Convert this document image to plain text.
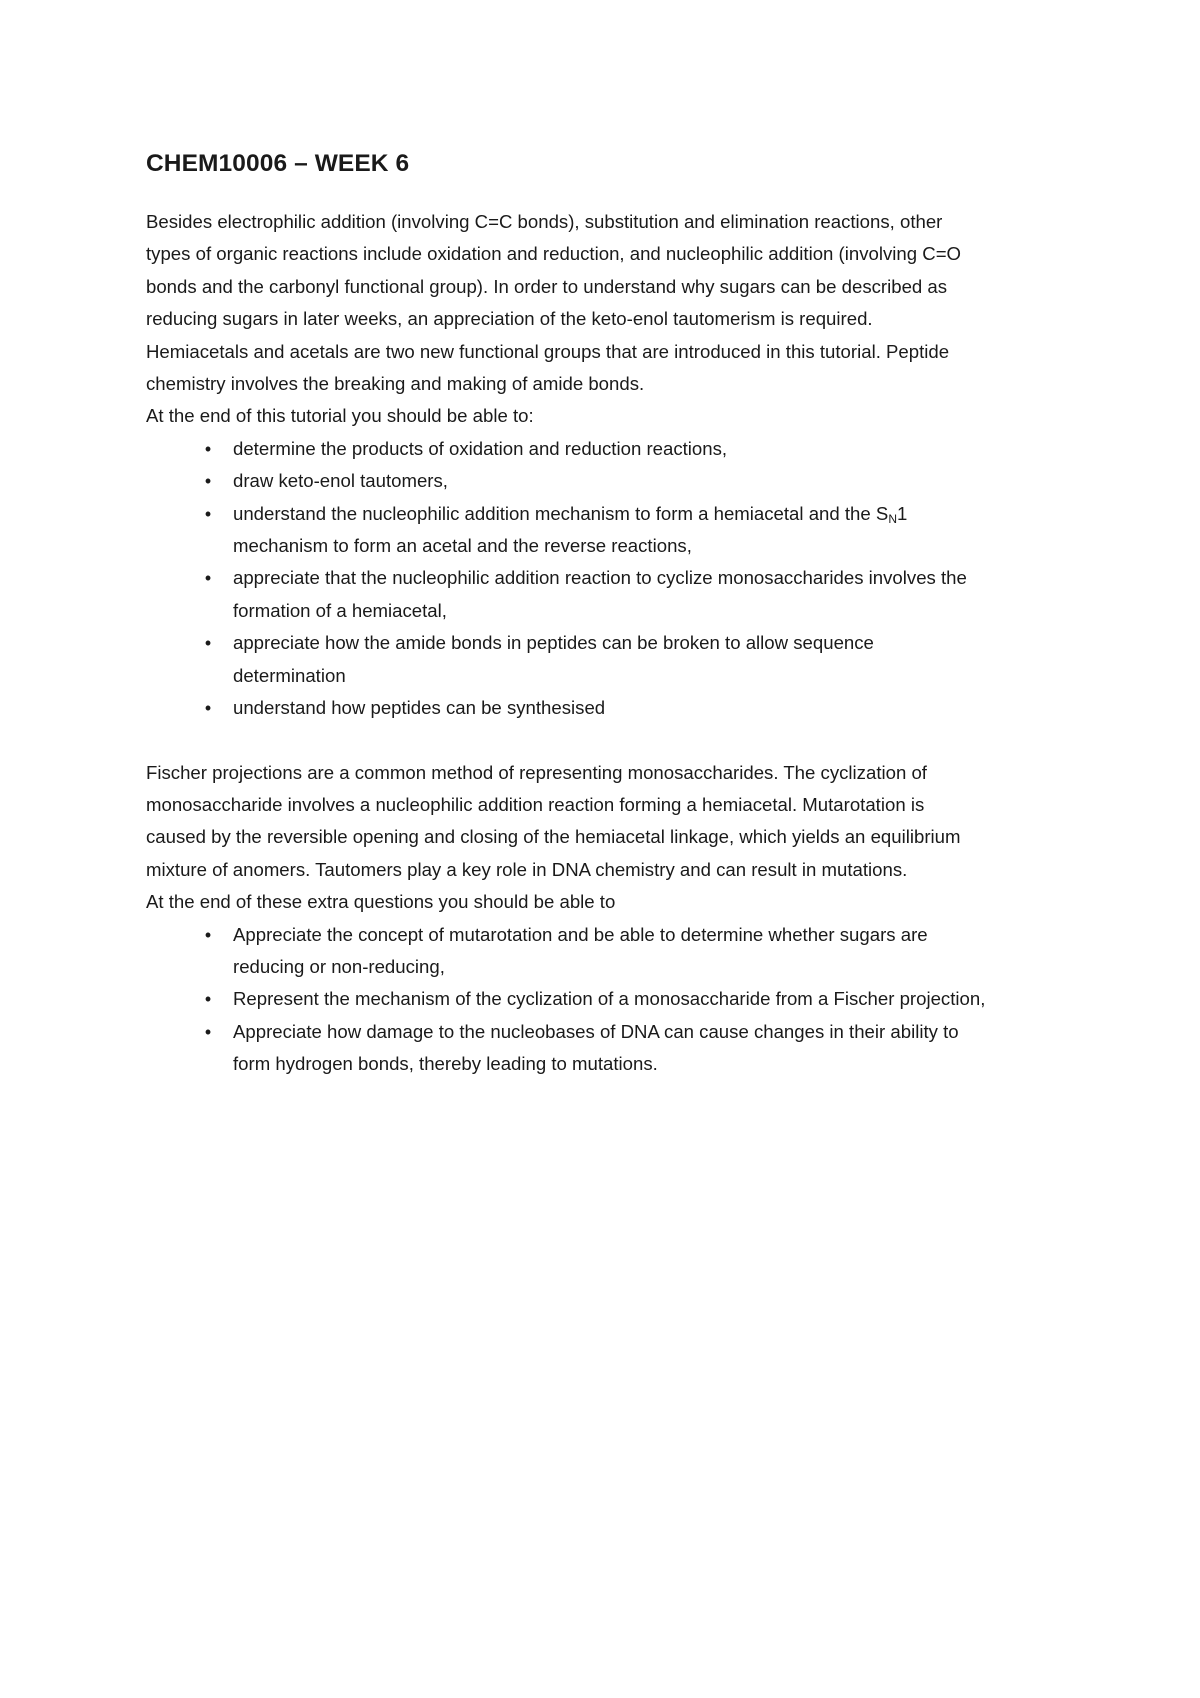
CHEM10006 – WEEK 6
Besides electrophilic addition (involving C=C bonds), substitution and elimination reactions, other
types of organic reactions include oxidation and reduction, and nucleophilic addition (involving C=O
bonds and the carbonyl functional group). In order to understand why sugars can be described as
reducing sugars in later weeks, an appreciation of the keto-enol tautomerism is required.
Hemiacetals and acetals are two new functional groups that are introduced in this tutorial. Peptide
chemistry involves the breaking and making of amide bonds.
At the end of this tutorial you should be able to:
• determine the products of oxidation and reduction reactions,
• draw keto-enol tautomers,
• understand the nucleophilic addition mechanism to form a hemiacetal and the $S_N1$
mechanism to form an acetal and the reverse reactions,
• appreciate that the nucleophilic addition reaction to cyclize monosaccharides involves the
formation of a hemiacetal,
• appreciate how the amide bonds in peptides can be broken to allow sequence
determination
• understand how peptides can be synthesised
Fischer projections are a common method of representing monosaccharides. The cyclization of
monosaccharide involves a nucleophilic addition reaction forming a hemiacetal. Mutarotation is
caused by the reversible opening and closing of the hemiacetal linkage, which yields an equilibrium
mixture of anomers. Tautomers play a key role in DNA chemistry and can result in mutations.
At the end of these extra questions you should be able to
• Appreciate the concept of mutarotation and be able to determine whether sugars are
reducing or non-reducing,
• Represent the mechanism of the cyclization of a monosaccharide from a Fischer projection,
• Appreciate how damage to the nucleobases of DNA can cause changes in their ability to
form hydrogen bonds, thereby leading to mutations.
